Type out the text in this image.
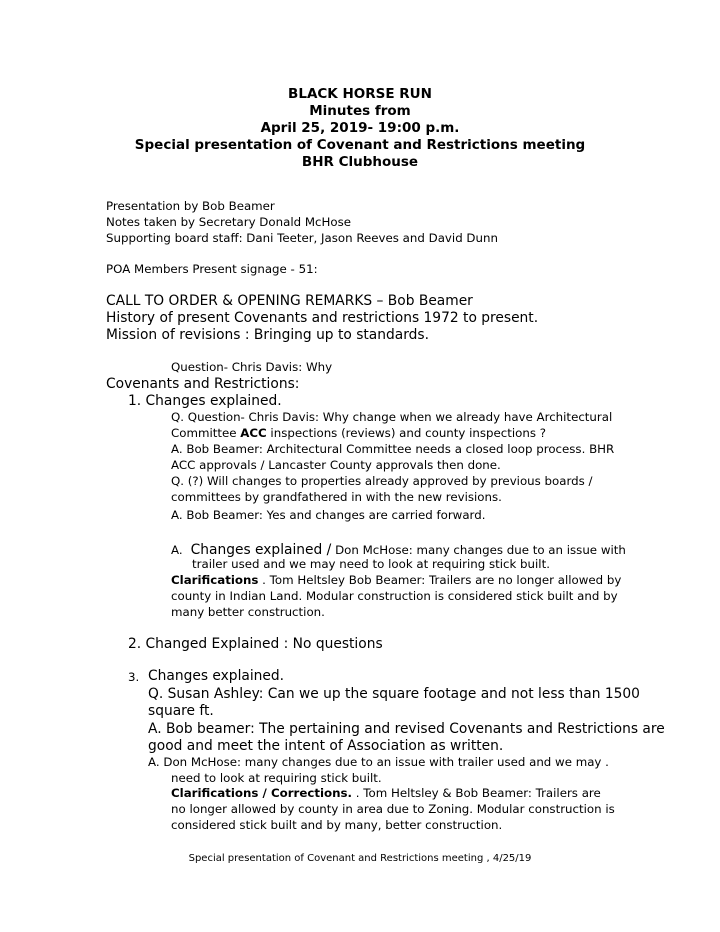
BLACK HORSE RUN

Minutes from

April 25, 2019- 19:00 p.m.

Special presentation of Covenant and Restrictions meeting

BHR Clubhouse

Presentation by Bob Beamer

Notes taken by Secretary Donald McHose

Supporting board staff: Dani Teeter, Jason Reeves and David Dunn

POA Members Present signage - 51:

CALL TO ORDER & OPENING REMARKS – Bob Beamer

History of present Covenants and restrictions 1972 to present.

Mission of revisions : Bringing up to standards.

Question- Chris Davis: Why

Covenants and Restrictions:

1. Changes explained.

Q. Question- Chris Davis: Why change when we already have Architectural

Committee ACC inspections (reviews) and county inspections ?

A. Bob Beamer: Architectural Committee needs a closed loop process. BHR

ACC approvals / Lancaster County approvals then done.

Q. (?) Will changes to properties already approved by previous boards /

committees by grandfathered in with the new revisions.

A. Bob Beamer: Yes and changes are carried forward.

A. Changes explained / Don McHose: many changes due to an issue with

trailer used and we may need to look at requiring stick built.

Clarifications . Tom Heltsley Bob Beamer: Trailers are no longer allowed by

county in Indian Land. Modular construction is considered stick built and by

many better construction.

2. Changed Explained : No questions

3. Changes explained.

Q. Susan Ashley: Can we up the square footage and not less than 1500

square ft.

A. Bob beamer: The pertaining and revised Covenants and Restrictions are

good and meet the intent of Association as written.

A. Don McHose: many changes due to an issue with trailer used and we may .

need to look at requiring stick built.

Clarifications / Corrections. . Tom Heltsley & Bob Beamer: Trailers are

no longer allowed by county in area due to Zoning. Modular construction is

considered stick built and by many, better construction.

Special presentation of Covenant and Restrictions meeting , 4/25/19
